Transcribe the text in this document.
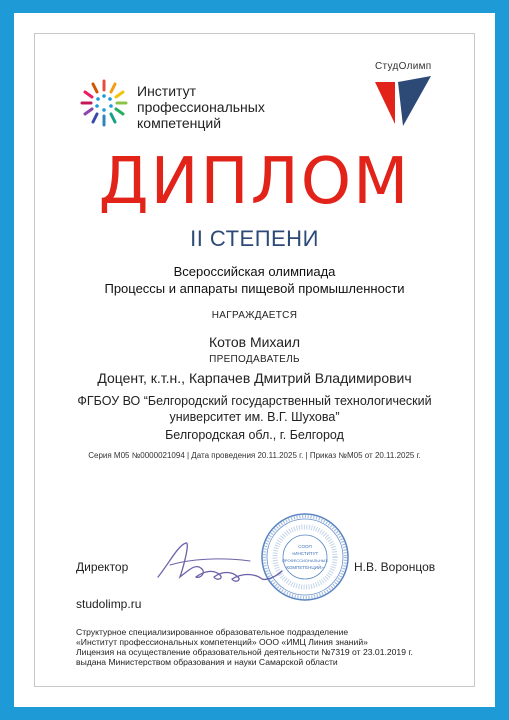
Институт
профессиональных
компетенций
СтудОлимп
ДИПЛОМ
II СТЕПЕНИ
Всероссийская олимпиада
Процессы и аппараты пищевой промышленности
НАГРАЖДАЕТСЯ
Котов Михаил
ПРЕПОДАВАТЕЛЬ
Доцент, к.т.н., Карпачев Дмитрий Владимирович
ФГБОУ ВО “Белгородский государственный технологический
университет им. В.Г. Шухова”
Белгородская обл., г. Белгород
Серия М05 №0000021094 | Дата проведения 20.11.2025 г. | Приказ №М05 от 20.11.2025 г.
Директор
СООП
«ИНСТИТУТ
ПРОФЕССИОНАЛЬНЫХ
КОМПЕТЕНЦИЙ»	Н.В. Воронцов
studolimp.ru
Структурное специализированное образовательное подразделение
«Институт профессиональных компетенций» ООО «ИМЦ Линия знаний»
Лицензия на осуществление образовательной деятельности №7319 от 23.01.2019 г.
выдана Министерством образования и науки Самарской области
